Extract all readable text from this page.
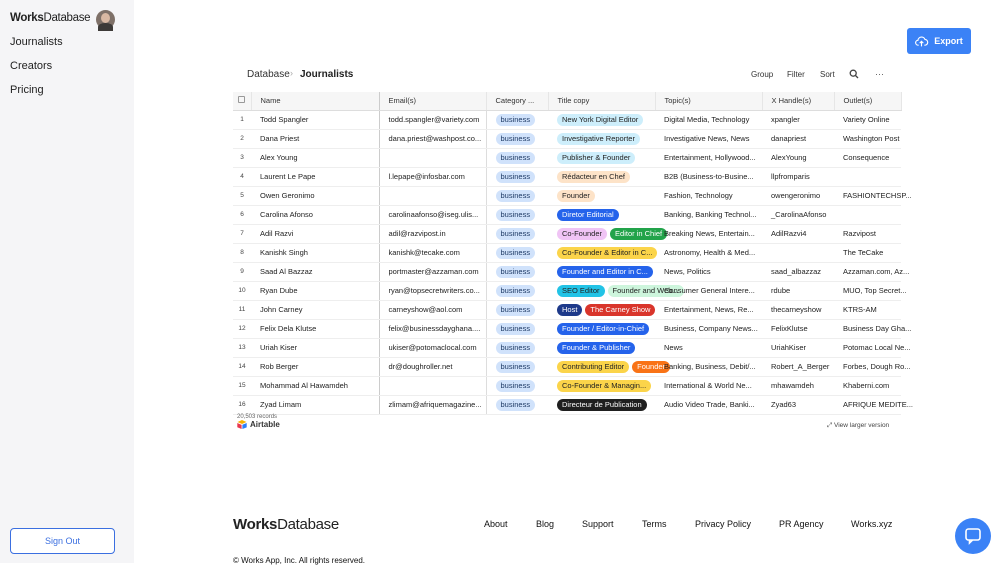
WorksDatabase
Journalists
Creators
Pricing
Sign Out
Export
Database › Journalists	Group Filter Sort	···
	Name	Email(s)	Category ...	Title copy	Topic(s)	X Handle(s)	Outlet(s)
1	Todd Spangler	todd.spangler@variety.com	business	New York Digital Editor	Digital Media, Technology	xpangler	Variety Online
2	Dana Priest	dana.priest@washpost.co...	business	Investigative Reporter	Investigative News, News	danapriest	Washington Post
3	Alex Young		business	Publisher & Founder	Entertainment, Hollywood...	AlexYoung	Consequence
4	Laurent Le Pape	l.lepape@infosbar.com	business	Rédacteur en Chef	B2B (Business-to-Busine...	llpfromparis	
5	Owen Geronimo		business	Founder	Fashion, Technology	owengeronimo	FASHIONTECHSP...
6	Carolina Afonso	carolinaafonso@iseg.ulis...	business	Diretor Editorial	Banking, Banking Technol...	_CarolinaAfonso	
7	Adil Razvi	adil@razvipost.in	business	Co-Founder Editor in Chief	Breaking News, Entertain...	AdilRazvi4	Razvipost
8	Kanishk Singh	kanishk@tecake.com	business	Co-Founder & Editor in C...	Astronomy, Health & Med...		The TeCake
9	Saad Al Bazzaz	portmaster@azzaman.com	business	Founder and Editor in C...	News, Politics	saad_albazzaz	Azzaman.com, Az...
10	Ryan Dube	ryan@topsecretwriters.co...	business	SEO Editor Founder and Web...	Consumer General Intere...	rdube	MUO, Top Secret...
11	John Carney	carneyshow@aol.com	business	Host The Carney Show	Entertainment, News, Re...	thecarneyshow	KTRS-AM
12	Felix Dela Klutse	felix@businessdayghana....	business	Founder / Editor-in-Chief	Business, Company News...	FelixKlutse	Business Day Gha...
13	Uriah Kiser	ukiser@potomaclocal.com	business	Founder & Publisher	News	UriahKiser	Potomac Local Ne...
14	Rob Berger	dr@doughroller.net	business	Contributing Editor Founder	Banking, Business, Debit/...	Robert_A_Berger	Forbes, Dough Ro...
15	Mohammad Al Hawamdeh		business	Co-Founder & Managin...	International & World Ne...	mhawamdeh	Khaberni.com
16	Zyad Limam	zlimam@afriquemagazine...	business	Directeur de Publication	Audio Video Trade, Banki...	Zyad63	AFRIQUE MEDITE...
20,503 records
Airtable	⤢ View larger version
WorksDatabase	About	Blog	Support	Terms	Privacy Policy	PR Agency	Works.xyz
© Works App, Inc. All rights reserved.
